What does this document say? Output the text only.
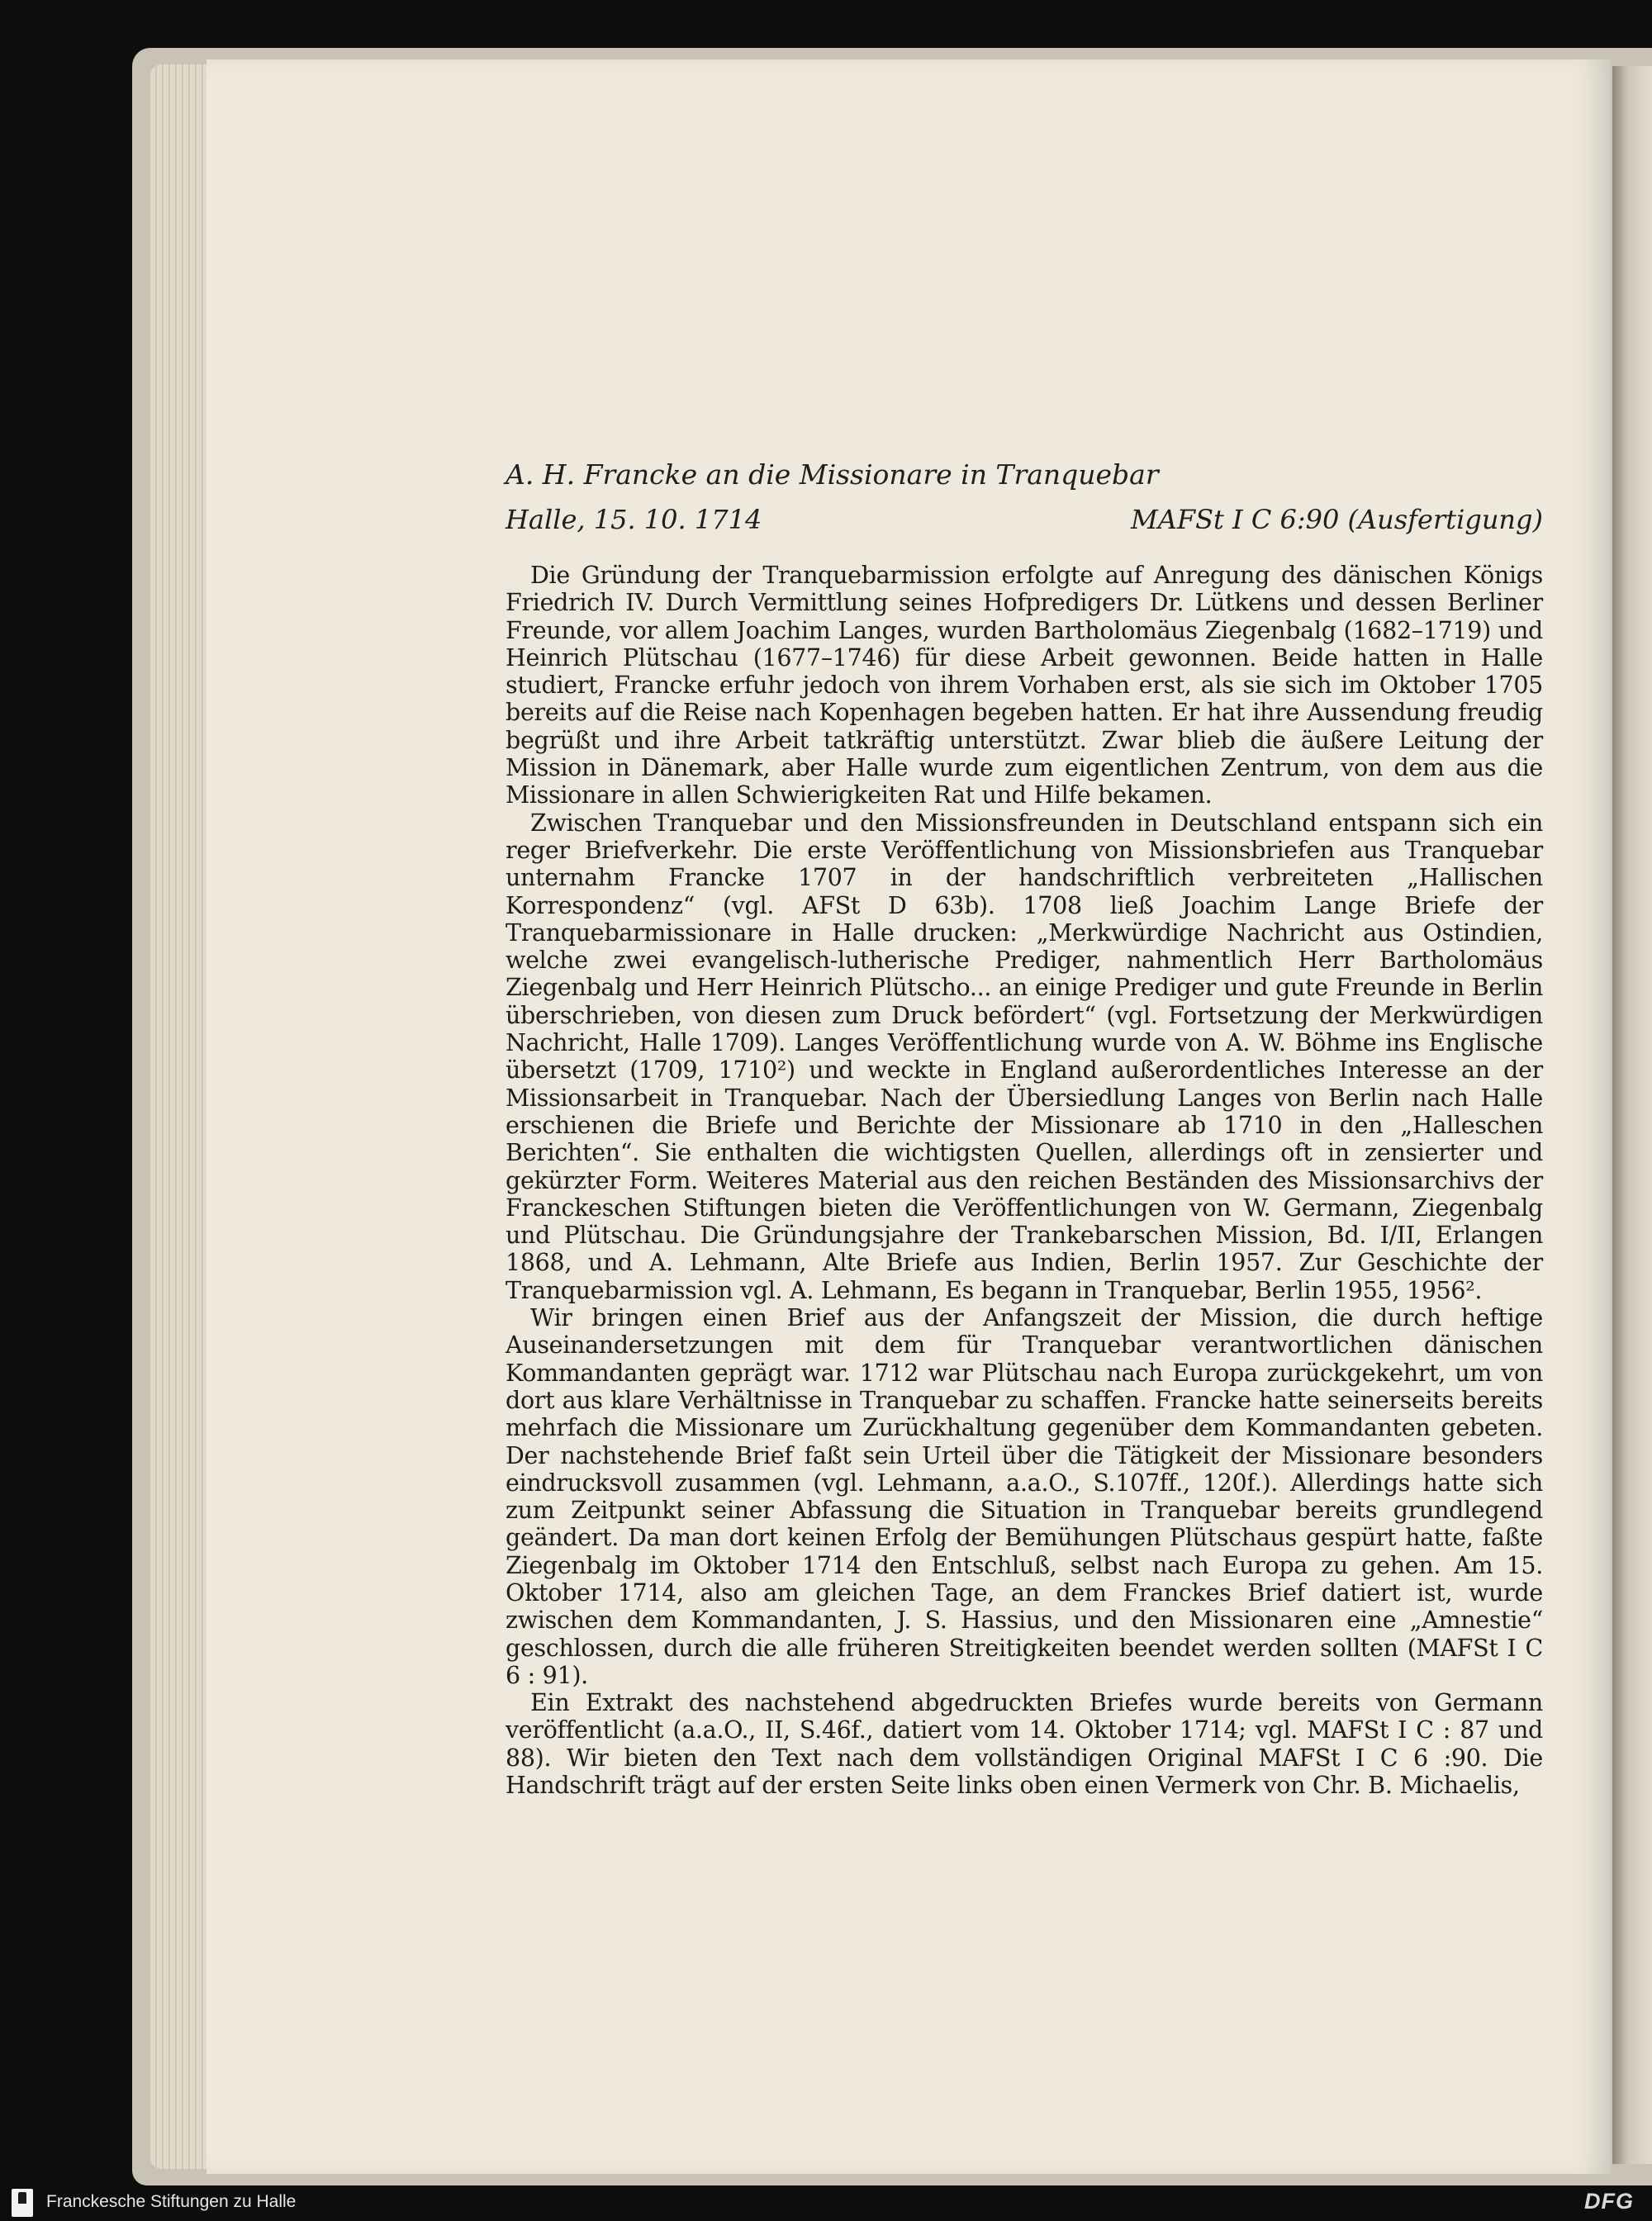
A. H. Francke an die Missionare in Tranquebar
Halle, 15. 10. 1714	MAFSt I C 6:90 (Ausfertigung)

Die Gründung der Tranquebarmission erfolgte auf Anregung des dänischen Königs Friedrich IV. Durch Vermittlung seines Hofpredigers Dr. Lütkens und dessen Berliner Freunde, vor allem Joachim Langes, wurden Bartholomäus Ziegenbalg (1682–1719) und Heinrich Plütschau (1677–1746) für diese Arbeit gewonnen. Beide hatten in Halle studiert, Francke erfuhr jedoch von ihrem Vorhaben erst, als sie sich im Oktober 1705 bereits auf die Reise nach Kopenhagen begeben hatten. Er hat ihre Aussendung freudig begrüßt und ihre Arbeit tatkräftig unterstützt. Zwar blieb die äußere Leitung der Mission in Dänemark, aber Halle wurde zum eigentlichen Zentrum, von dem aus die Missionare in allen Schwierigkeiten Rat und Hilfe bekamen.

Zwischen Tranquebar und den Missionsfreunden in Deutschland entspann sich ein reger Briefverkehr. Die erste Veröffentlichung von Missionsbriefen aus Tranquebar unternahm Francke 1707 in der handschriftlich verbreiteten „Hallischen Korrespondenz“ (vgl. AFSt D 63b). 1708 ließ Joachim Lange Briefe der Tranquebarmissionare in Halle drucken: „Merkwürdige Nachricht aus Ostindien, welche zwei evangelisch-lutherische Prediger, nahmentlich Herr Bartholomäus Ziegenbalg und Herr Heinrich Plütscho... an einige Prediger und gute Freunde in Berlin überschrieben, von diesen zum Druck befördert“ (vgl. Fortsetzung der Merkwürdigen Nachricht, Halle 1709). Langes Veröffentlichung wurde von A. W. Böhme ins Englische übersetzt (1709, 1710²) und weckte in England außerordentliches Interesse an der Missionsarbeit in Tranquebar. Nach der Übersiedlung Langes von Berlin nach Halle erschienen die Briefe und Berichte der Missionare ab 1710 in den „Halleschen Berichten“. Sie enthalten die wichtigsten Quellen, allerdings oft in zensierter und gekürzter Form. Weiteres Material aus den reichen Beständen des Missionsarchivs der Franckeschen Stiftungen bieten die Veröffentlichungen von W. Germann, Ziegenbalg und Plütschau. Die Gründungsjahre der Trankebarschen Mission, Bd. I/II, Erlangen 1868, und A. Lehmann, Alte Briefe aus Indien, Berlin 1957. Zur Geschichte der Tranquebarmission vgl. A. Lehmann, Es begann in Tranquebar, Berlin 1955, 1956².

Wir bringen einen Brief aus der Anfangszeit der Mission, die durch heftige Auseinandersetzungen mit dem für Tranquebar verantwortlichen dänischen Kommandanten geprägt war. 1712 war Plütschau nach Europa zurückgekehrt, um von dort aus klare Verhältnisse in Tranquebar zu schaffen. Francke hatte seinerseits bereits mehrfach die Missionare um Zurückhaltung gegenüber dem Kommandanten gebeten. Der nachstehende Brief faßt sein Urteil über die Tätigkeit der Missionare besonders eindrucksvoll zusammen (vgl. Lehmann, a.a.O., S.107ff., 120f.). Allerdings hatte sich zum Zeitpunkt seiner Abfassung die Situation in Tranquebar bereits grundlegend geändert. Da man dort keinen Erfolg der Bemühungen Plütschaus gespürt hatte, faßte Ziegenbalg im Oktober 1714 den Entschluß, selbst nach Europa zu gehen. Am 15. Oktober 1714, also am gleichen Tage, an dem Franckes Brief datiert ist, wurde zwischen dem Kommandanten, J. S. Hassius, und den Missionaren eine „Amnestie“ geschlossen, durch die alle früheren Streitigkeiten beendet werden sollten (MAFSt I C 6 : 91).

Ein Extrakt des nachstehend abgedruckten Briefes wurde bereits von Germann veröffentlicht (a.a.O., II, S.46f., datiert vom 14. Oktober 1714; vgl. MAFSt I C : 87 und 88). Wir bieten den Text nach dem vollständigen Original MAFSt I C 6 :90. Die Handschrift trägt auf der ersten Seite links oben einen Vermerk von Chr. B. Michaelis,

Franckesche Stiftungen zu Halle	DFG
